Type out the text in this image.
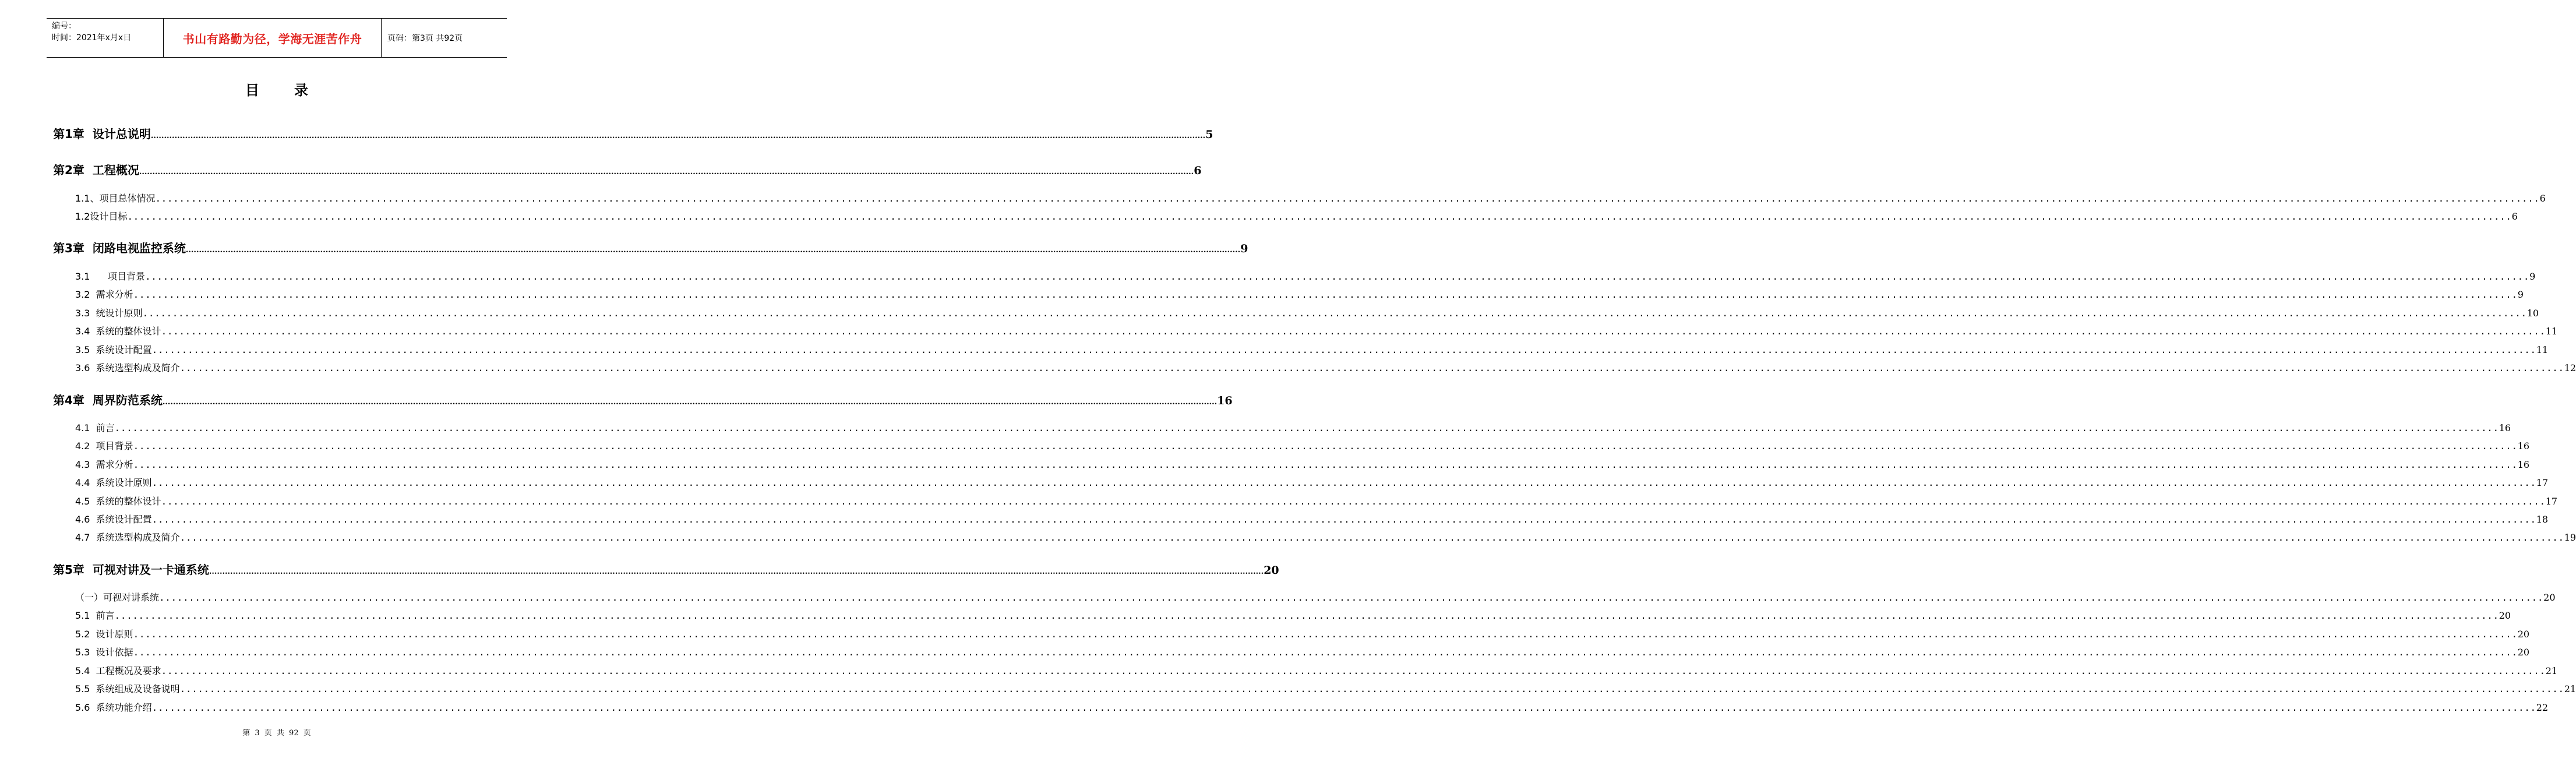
编号：
时间：2021年x月x日	书山有路勤为径，学海无涯苦作舟	页码：第3页 共92页
目录
第1章  设计总说明 ................................................................................................................................................................................................................................................................................................................................................................................................................ 5
第2章  工程概况 ................................................................................................................................................................................................................................................................................................................................................................................................................ 6
1.1、项目总体情况 ................................................................................................................................................................................................................................................................................................................................................................................................................ 6
1.2设计目标 ................................................................................................................................................................................................................................................................................................................................................................................................................ 6
第3章  闭路电视监控系统 ................................................................................................................................................................................................................................................................................................................................................................................................................ 9
3.1      项目背景 ................................................................................................................................................................................................................................................................................................................................................................................................................ 9
3.2  需求分析 ................................................................................................................................................................................................................................................................................................................................................................................................................ 9
3.3  统设计原则 ................................................................................................................................................................................................................................................................................................................................................................................................................ 10
3.4  系统的整体设计 ................................................................................................................................................................................................................................................................................................................................................................................................................ 11
3.5  系统设计配置 ................................................................................................................................................................................................................................................................................................................................................................................................................ 11
3.6  系统选型构成及简介 ................................................................................................................................................................................................................................................................................................................................................................................................................ 12
第4章  周界防范系统 ................................................................................................................................................................................................................................................................................................................................................................................................................ 16
4.1  前言 ................................................................................................................................................................................................................................................................................................................................................................................................................ 16
4.2  项目背景 ................................................................................................................................................................................................................................................................................................................................................................................................................ 16
4.3  需求分析 ................................................................................................................................................................................................................................................................................................................................................................................................................ 16
4.4  系统设计原则 ................................................................................................................................................................................................................................................................................................................................................................................................................ 17
4.5  系统的整体设计 ................................................................................................................................................................................................................................................................................................................................................................................................................ 17
4.6  系统设计配置 ................................................................................................................................................................................................................................................................................................................................................................................................................ 18
4.7  系统选型构成及简介 ................................................................................................................................................................................................................................................................................................................................................................................................................ 19
第5章  可视对讲及一卡通系统 ................................................................................................................................................................................................................................................................................................................................................................................................................ 20
（一）可视对讲系统 ................................................................................................................................................................................................................................................................................................................................................................................................................ 20
5.1  前言 ................................................................................................................................................................................................................................................................................................................................................................................................................ 20
5.2  设计原则 ................................................................................................................................................................................................................................................................................................................................................................................................................ 20
5.3  设计依据 ................................................................................................................................................................................................................................................................................................................................................................................................................ 20
5.4  工程概况及要求 ................................................................................................................................................................................................................................................................................................................................................................................................................ 21
5.5  系统组成及设备说明 ................................................................................................................................................................................................................................................................................................................................................................................................................ 21
5.6  系统功能介绍 ................................................................................................................................................................................................................................................................................................................................................................................................................ 22
第 3 页 共 92 页
